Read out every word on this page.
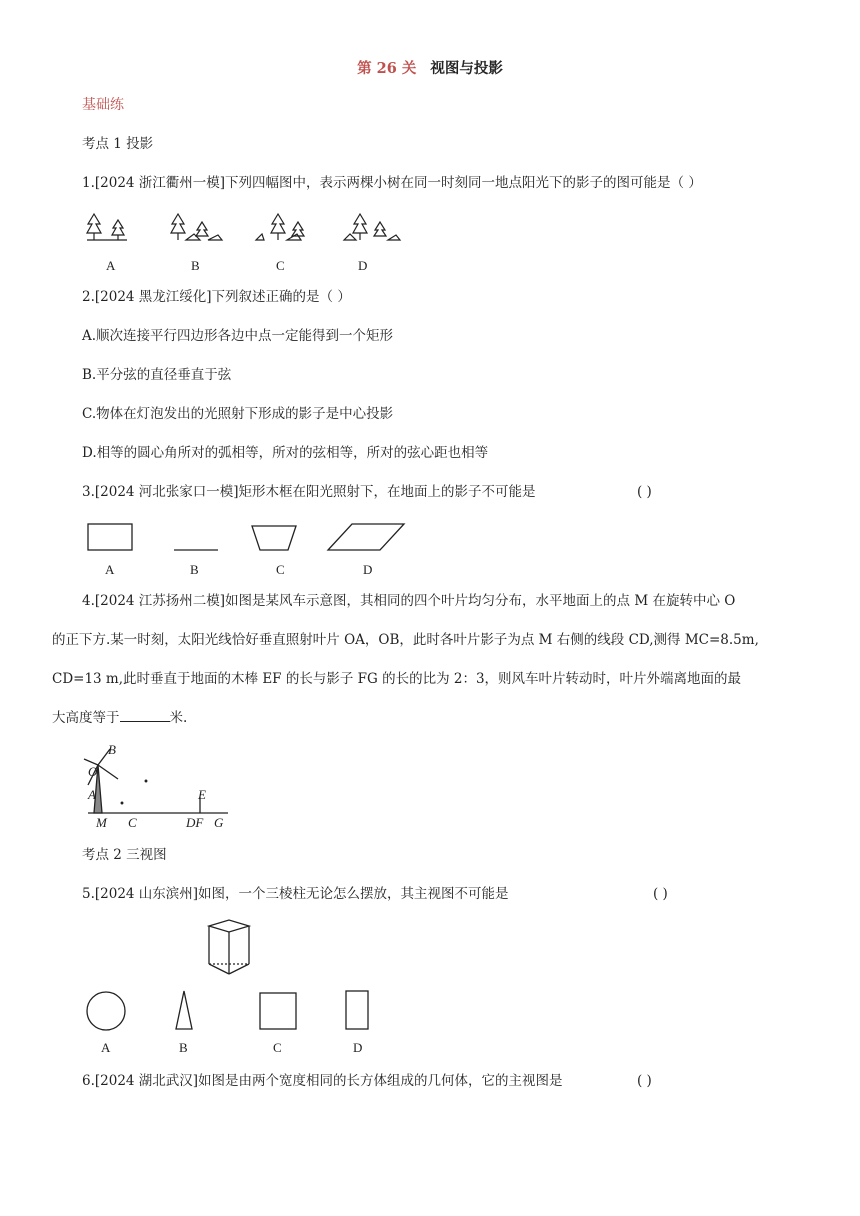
第 26 关 视图与投影
基础练
考点 1 投影
1.[2024 浙江衢州一模]下列四幅图中，表示两棵小树在同一时刻同一地点阳光下的影子的图可能是（ ）
A	B	C	D
2.[2024 黑龙江绥化]下列叙述正确的是（ ）
A.顺次连接平行四边形各边中点一定能得到一个矩形
B.平分弦的直径垂直于弦
C.物体在灯泡发出的光照射下形成的影子是中心投影
D.相等的圆心角所对的弧相等，所对的弦相等，所对的弦心距也相等
3.[2024 河北张家口一模]矩形木框在阳光照射下，在地面上的影子不可能是	( )
A	B	C	D
4.[2024 江苏扬州二模]如图是某风车示意图，其相同的四个叶片均匀分布，水平地面上的点 M 在旋转中心 O
的正下方.某一时刻，太阳光线恰好垂直照射叶片 OA，OB，此时各叶片影子为点 M 右侧的线段 CD,测得 MC=8.5m,
CD=13 m,此时垂直于地面的木棒 EF 的长与影子 FG 的长的比为 2：3，则风车叶片转动时，叶片外端离地面的最
大高度等于	米.
B
O
A
M C
E
DF G
考点 2 三视图
5.[2024 山东滨州]如图，一个三棱柱无论怎么摆放，其主视图不可能是	( )
A	B	C	D
6.[2024 湖北武汉]如图是由两个宽度相同的长方体组成的几何体，它的主视图是	( )
